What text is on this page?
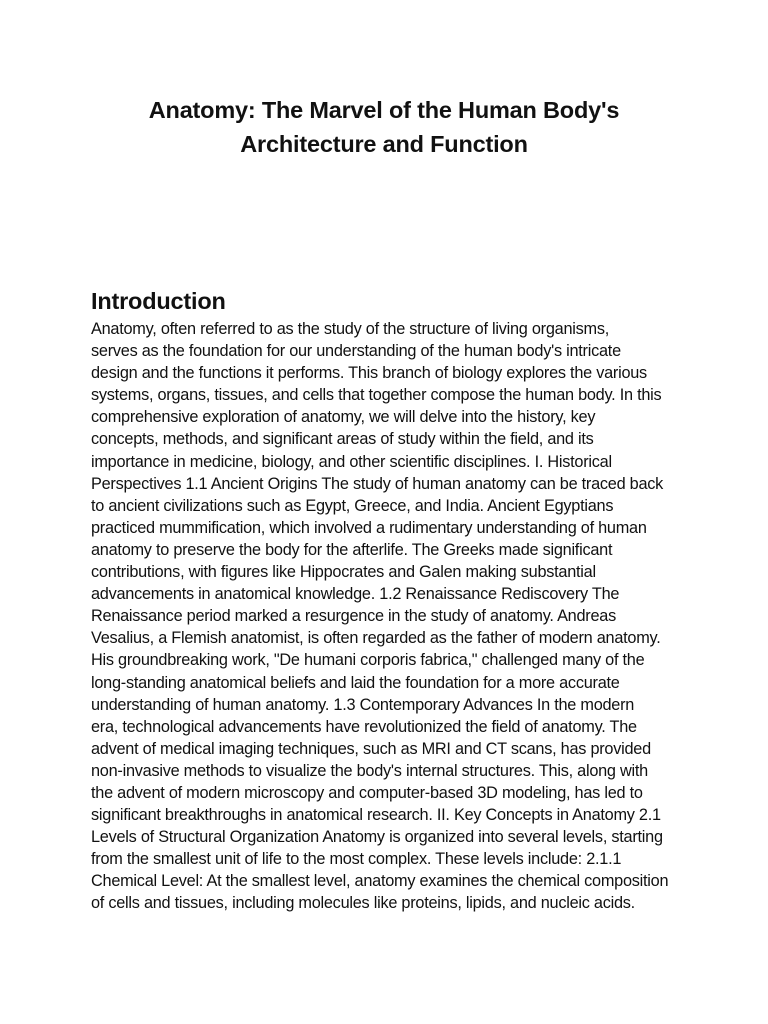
Anatomy: The Marvel of the Human Body's
Architecture and Function
Introduction
Anatomy, often referred to as the study of the structure of living organisms,
serves as the foundation for our understanding of the human body's intricate
design and the functions it performs. This branch of biology explores the various
systems, organs, tissues, and cells that together compose the human body. In this
comprehensive exploration of anatomy, we will delve into the history, key
concepts, methods, and significant areas of study within the field, and its
importance in medicine, biology, and other scientific disciplines. I. Historical
Perspectives 1.1 Ancient Origins The study of human anatomy can be traced back
to ancient civilizations such as Egypt, Greece, and India. Ancient Egyptians
practiced mummification, which involved a rudimentary understanding of human
anatomy to preserve the body for the afterlife. The Greeks made significant
contributions, with figures like Hippocrates and Galen making substantial
advancements in anatomical knowledge. 1.2 Renaissance Rediscovery The
Renaissance period marked a resurgence in the study of anatomy. Andreas
Vesalius, a Flemish anatomist, is often regarded as the father of modern anatomy.
His groundbreaking work, "De humani corporis fabrica," challenged many of the
long-standing anatomical beliefs and laid the foundation for a more accurate
understanding of human anatomy. 1.3 Contemporary Advances In the modern
era, technological advancements have revolutionized the field of anatomy. The
advent of medical imaging techniques, such as MRI and CT scans, has provided
non-invasive methods to visualize the body's internal structures. This, along with
the advent of modern microscopy and computer-based 3D modeling, has led to
significant breakthroughs in anatomical research. II. Key Concepts in Anatomy 2.1
Levels of Structural Organization Anatomy is organized into several levels, starting
from the smallest unit of life to the most complex. These levels include: 2.1.1
Chemical Level: At the smallest level, anatomy examines the chemical composition
of cells and tissues, including molecules like proteins, lipids, and nucleic acids.
